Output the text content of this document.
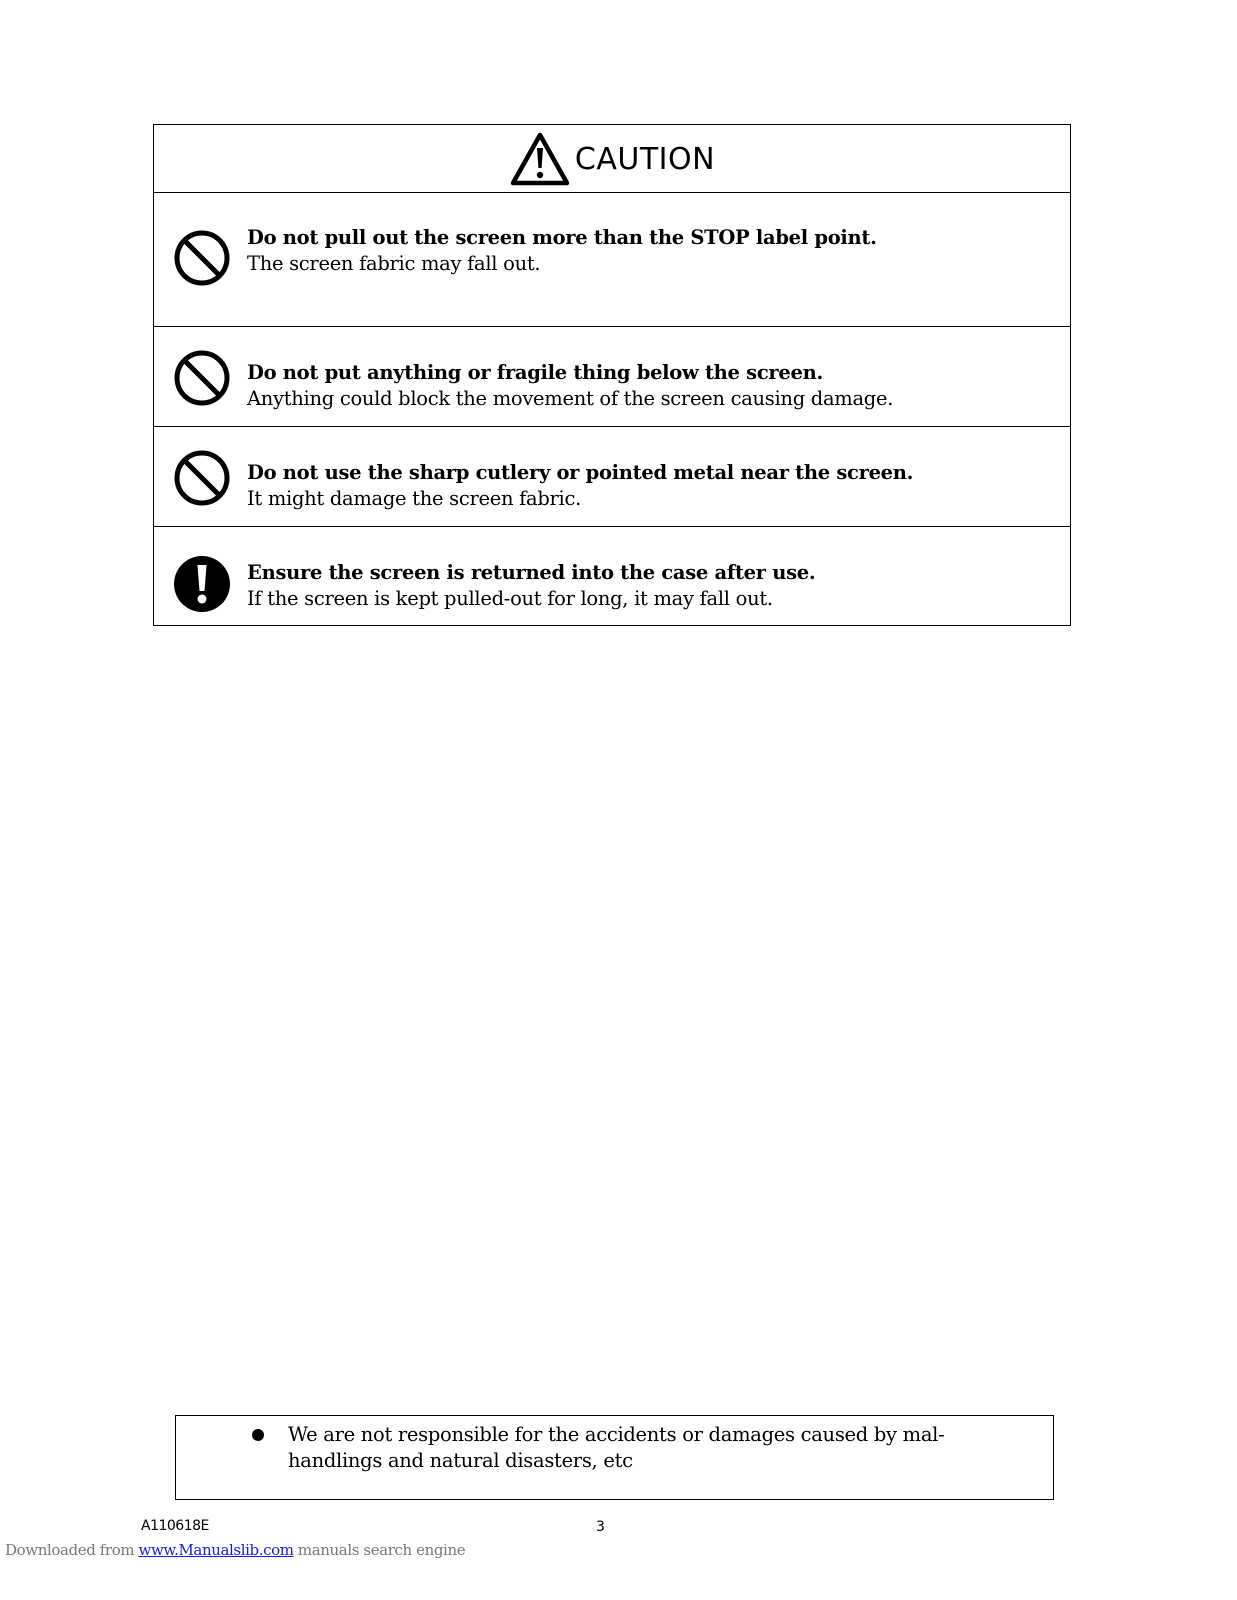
CAUTION
Do not pull out the screen more than the STOP label point.
The screen fabric may fall out.
Do not put anything or fragile thing below the screen.
Anything could block the movement of the screen causing damage.
Do not use the sharp cutlery or pointed metal near the screen.
It might damage the screen fabric.
Ensure the screen is returned into the case after use.
If the screen is kept pulled-out for long, it may fall out.
We are not responsible for the accidents or damages caused by mal-handlings and natural disasters, etc
A110618E	3
Downloaded from www.Manualslib.com manuals search engine
